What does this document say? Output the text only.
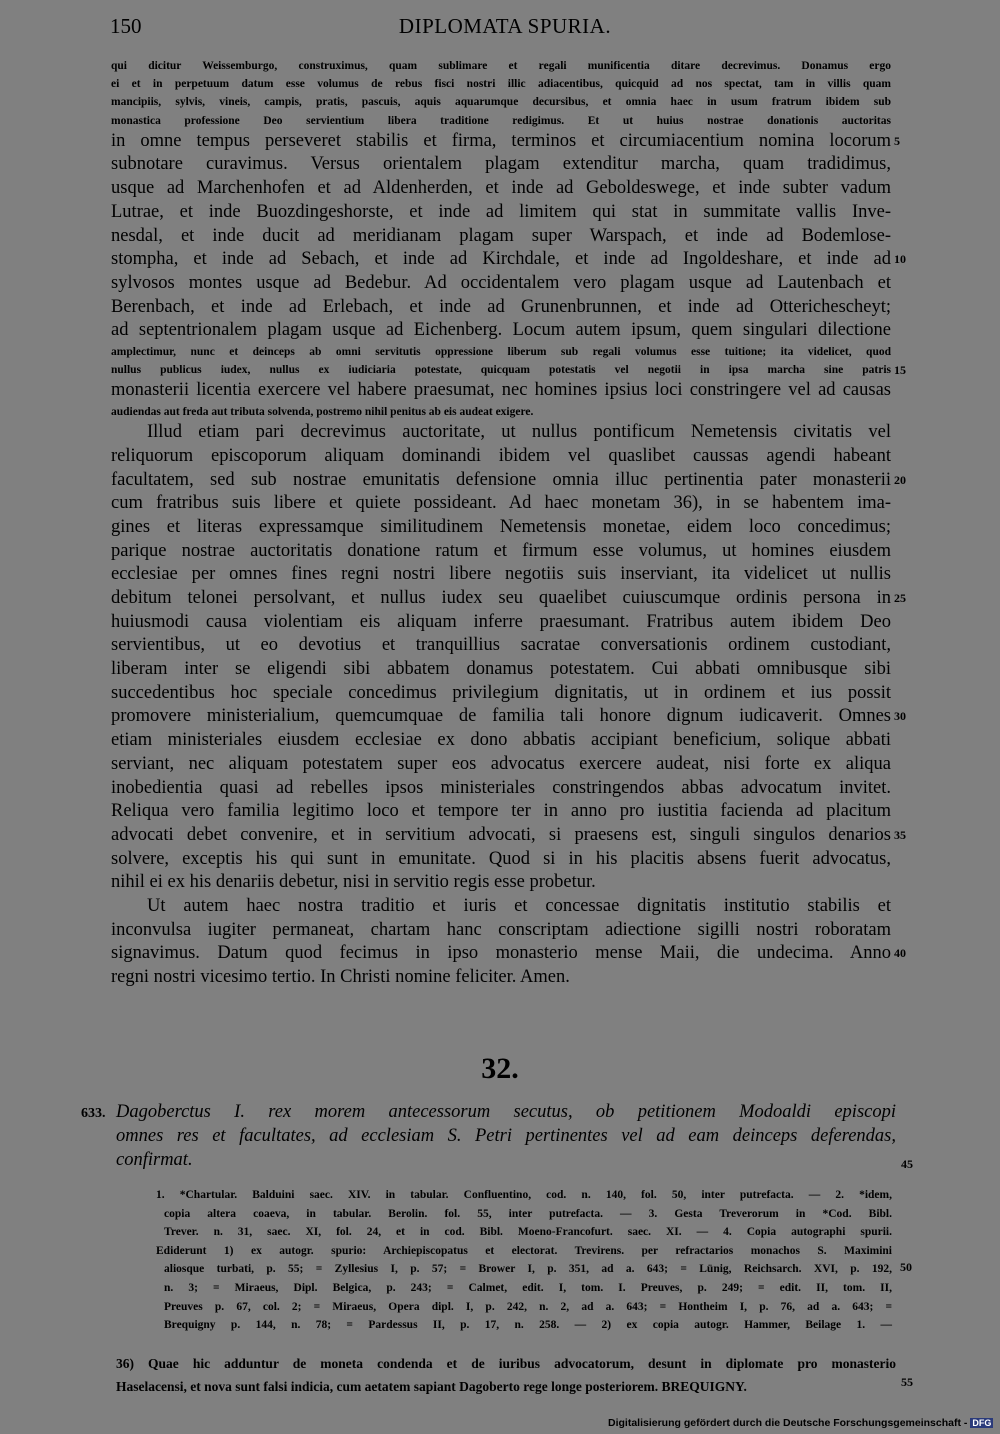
150	DIPLOMATA SPURIA.
qui dicitur Weissemburgo, construximus, quam sublimare et regali munificentia ditare decrevimus. Donamus ergo
ei et in perpetuum datum esse volumus de rebus fisci nostri illic adiacentibus, quicquid ad nos spectat, tam in villis quam
mancipiis, sylvis, vineis, campis, pratis, pascuis, aquis aquarumque decursibus, et omnia haec in usum fratrum ibidem sub
monastica professione Deo servientium libera traditione redigimus. Et ut huius nostrae donationis auctoritas
in omne tempus perseveret stabilis et firma, terminos et circumiacentium nomina locorum 5
subnotare curavimus. Versus orientalem plagam extenditur marcha, quam tradidimus,
usque ad Marchenhofen et ad Aldenherden, et inde ad Geboldeswege, et inde subter vadum
Lutrae, et inde Buozdingeshorste, et inde ad limitem qui stat in summitate vallis Inve-
nesdal, et inde ducit ad meridianam plagam super Warspach, et inde ad Bodemlose-
stompha, et inde ad Sebach, et inde ad Kirchdale, et inde ad Ingoldeshare, et inde ad 10
sylvosos montes usque ad Bedebur. Ad occidentalem vero plagam usque ad Lautenbach et
Berenbach, et inde ad Erlebach, et inde ad Grunenbrunnen, et inde ad Otterichescheyt;
ad septentrionalem plagam usque ad Eichenberg. Locum autem ipsum, quem singulari dilectione
amplectimur, nunc et deinceps ab omni servitutis oppressione liberum sub regali volumus esse tuitione; ita videlicet, quod
nullus publicus iudex, nullus ex iudiciaria potestate, quicquam potestatis vel negotii in ipsa marcha sine patris 15
monasterii licentia exercere vel habere praesumat, nec homines ipsius loci constringere vel ad causas
audiendas aut freda aut tributa solvenda, postremo nihil penitus ab eis audeat exigere.
Illud etiam pari decrevimus auctoritate, ut nullus pontificum Nemetensis civitatis vel
reliquorum episcoporum aliquam dominandi ibidem vel quaslibet caussas agendi habeant
facultatem, sed sub nostrae emunitatis defensione omnia illuc pertinentia pater monasterii 20
cum fratribus suis libere et quiete possideant. Ad haec monetam 36), in se habentem ima-
gines et literas expressamque similitudinem Nemetensis monetae, eidem loco concedimus;
parique nostrae auctoritatis donatione ratum et firmum esse volumus, ut homines eiusdem
ecclesiae per omnes fines regni nostri libere negotiis suis inserviant, ita videlicet ut nullis
debitum telonei persolvant, et nullus iudex seu quaelibet cuiuscumque ordinis persona in 25
huiusmodi causa violentiam eis aliquam inferre praesumant. Fratribus autem ibidem Deo
servientibus, ut eo devotius et tranquillius sacratae conversationis ordinem custodiant,
liberam inter se eligendi sibi abbatem donamus potestatem. Cui abbati omnibusque sibi
succedentibus hoc speciale concedimus privilegium dignitatis, ut in ordinem et ius possit
promovere ministerialium, quemcumquae de familia tali honore dignum iudicaverit. Omnes 30
etiam ministeriales eiusdem ecclesiae ex dono abbatis accipiant beneficium, solique abbati
serviant, nec aliquam potestatem super eos advocatus exercere audeat, nisi forte ex aliqua
inobedientia quasi ad rebelles ipsos ministeriales constringendos abbas advocatum invitet.
Reliqua vero familia legitimo loco et tempore ter in anno pro iustitia facienda ad placitum
advocati debet convenire, et in servitium advocati, si praesens est, singuli singulos denarios 35
solvere, exceptis his qui sunt in emunitate. Quod si in his placitis absens fuerit advocatus,
nihil ei ex his denariis debetur, nisi in servitio regis esse probetur.
Ut autem haec nostra traditio et iuris et concessae dignitatis institutio stabilis et
inconvulsa iugiter permaneat, chartam hanc conscriptam adiectione sigilli nostri roboratam
signavimus. Datum quod fecimus in ipso monasterio mense Maii, die undecima. Anno 40
regni nostri vicesimo tertio. In Christi nomine feliciter. Amen.
32.
633. Dagoberctus I. rex morem antecessorum secutus, ob petitionem Modoaldi episcopi
omnes res et facultates, ad ecclesiam S. Petri pertinentes vel ad eam deinceps deferendas,
confirmat.	45
1. *Chartular. Balduini saec. XIV. in tabular. Confluentino, cod. n. 140, fol. 50, inter putrefacta. — 2. *idem,
copia altera coaeva, in tabular. Berolin. fol. 55, inter putrefacta. — 3. Gesta Treverorum in *Cod. Bibl.
Trever. n. 31, saec. XI, fol. 24, et in cod. Bibl. Moeno-Francofurt. saec. XI. — 4. Copia autographi spurii.
Ediderunt 1) ex autogr. spurio: Archiepiscopatus et electorat. Trevirens. per refractarios monachos S. Maximini
aliosque turbati, p. 55; = Zyllesius I, p. 57; = Brower I, p. 351, ad a. 643; = Lünig, Reichsarch. XVI, p. 192,
n. 3; = Miraeus, Dipl. Belgica, p. 243; = Calmet, edit. I, tom. I. Preuves, p. 249; = edit. II, tom. II,
Preuves p. 67, col. 2; = Miraeus, Opera dipl. I, p. 242, n. 2, ad a. 643; = Hontheim I, p. 76, ad a. 643; =
Brequigny p. 144, n. 78; = Pardessus II, p. 17, n. 258. — 2) ex copia autogr. Hammer, Beilage 1. —
50
36) Quae hic adduntur de moneta condenda et de iuribus advocatorum, desunt in diplomate pro monasterio
Haselacensi, et nova sunt falsi indicia, cum aetatem sapiant Dagoberto rege longe posteriorem. BREQUIGNY.	55
Digitalisierung gefördert durch die Deutsche Forschungsgemeinschaft - DFG
